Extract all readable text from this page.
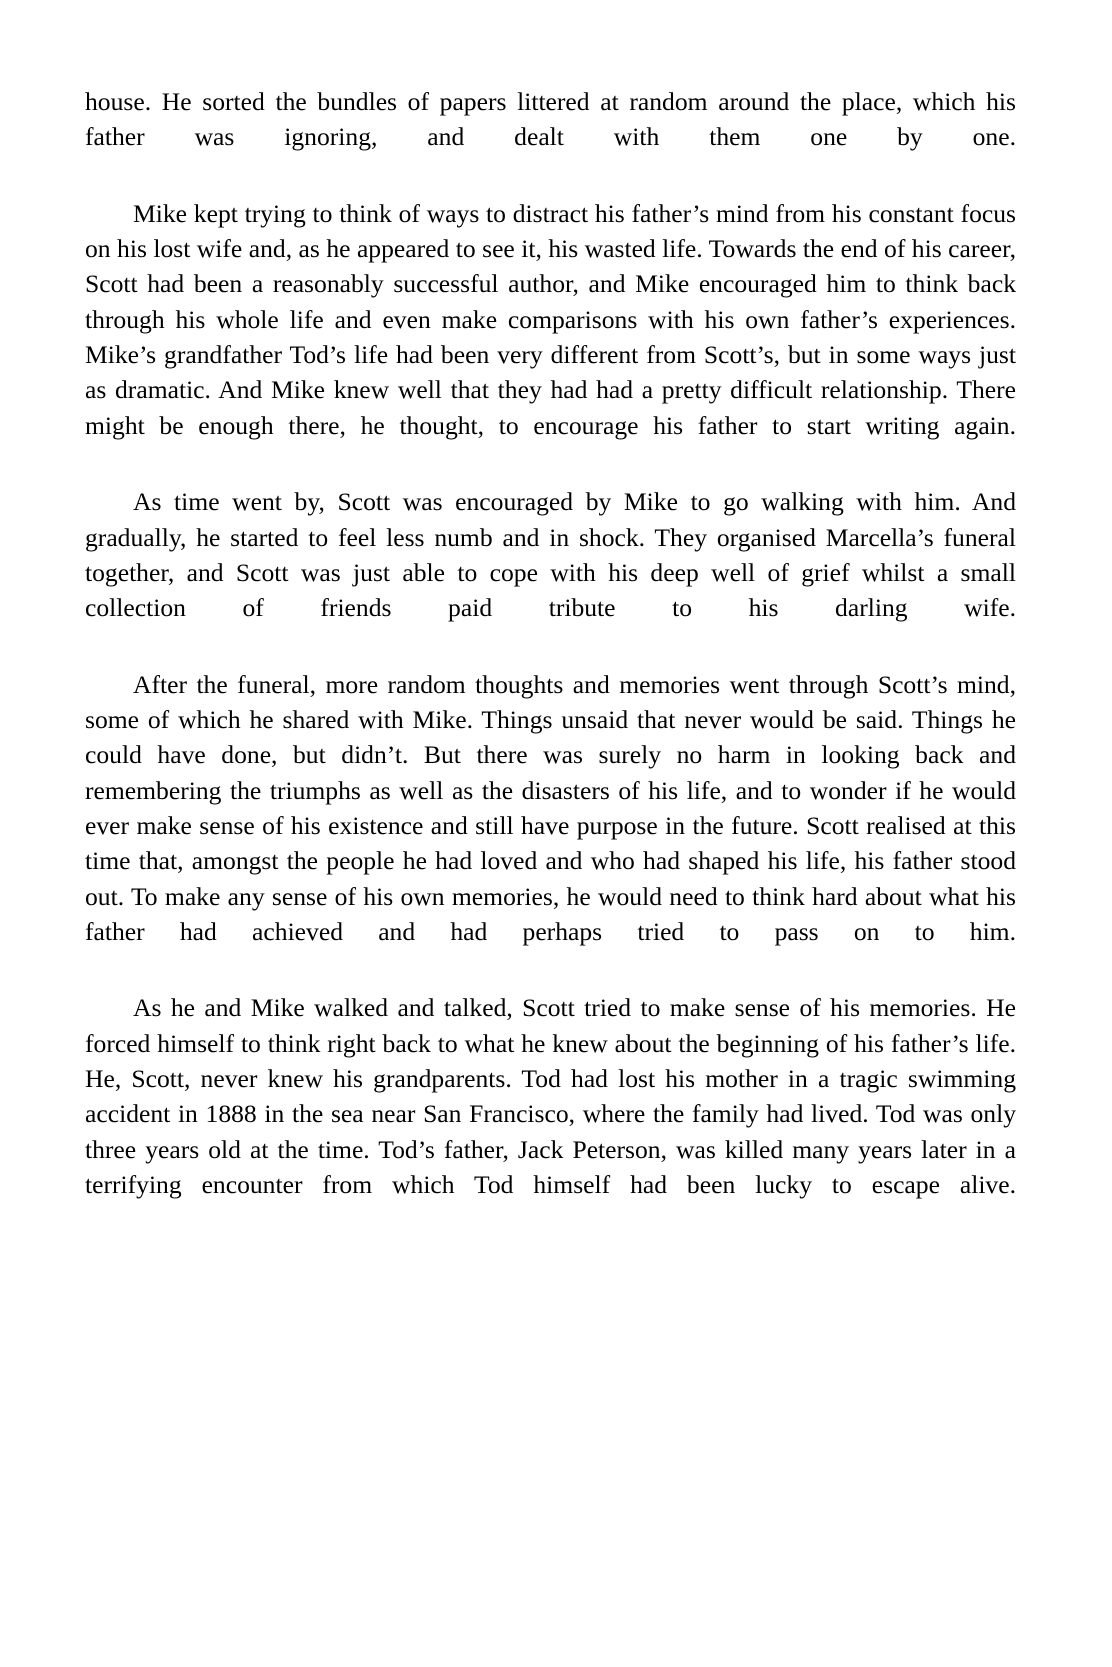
house. He sorted the bundles of papers littered at random around the place, which his father was ignoring, and dealt with them one by one.

Mike kept trying to think of ways to distract his father’s mind from his constant focus on his lost wife and, as he appeared to see it, his wasted life. Towards the end of his career, Scott had been a reasonably successful author, and Mike encouraged him to think back through his whole life and even make comparisons with his own father’s experiences. Mike’s grandfather Tod’s life had been very different from Scott’s, but in some ways just as dramatic. And Mike knew well that they had had a pretty difficult relationship. There might be enough there, he thought, to encourage his father to start writing again.

As time went by, Scott was encouraged by Mike to go walking with him. And gradually, he started to feel less numb and in shock. They organised Marcella’s funeral together, and Scott was just able to cope with his deep well of grief whilst a small collection of friends paid tribute to his darling wife.

After the funeral, more random thoughts and memories went through Scott’s mind, some of which he shared with Mike. Things unsaid that never would be said. Things he could have done, but didn’t. But there was surely no harm in looking back and remembering the triumphs as well as the disasters of his life, and to wonder if he would ever make sense of his existence and still have purpose in the future. Scott realised at this time that, amongst the people he had loved and who had shaped his life, his father stood out. To make any sense of his own memories, he would need to think hard about what his father had achieved and had perhaps tried to pass on to him.

As he and Mike walked and talked, Scott tried to make sense of his memories. He forced himself to think right back to what he knew about the beginning of his father’s life. He, Scott, never knew his grandparents. Tod had lost his mother in a tragic swimming accident in 1888 in the sea near San Francisco, where the family had lived. Tod was only three years old at the time. Tod’s father, Jack Peterson, was killed many years later in a terrifying encounter from which Tod himself had been lucky to escape alive.
